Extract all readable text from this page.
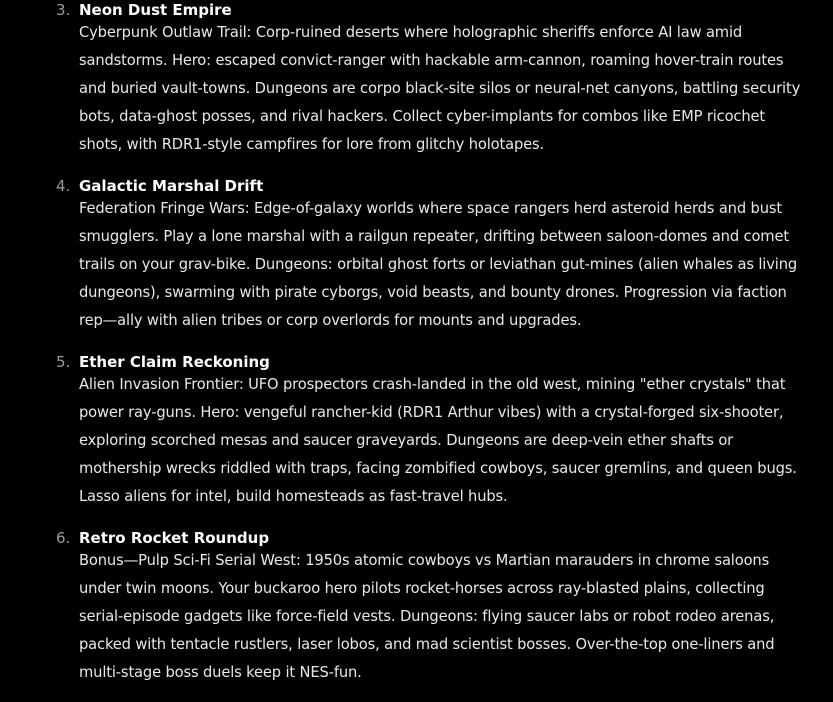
3. Neon Dust Empire
Cyberpunk Outlaw Trail: Corp-ruined deserts where holographic sheriffs enforce AI law amid
sandstorms. Hero: escaped convict-ranger with hackable arm-cannon, roaming hover-train routes
and buried vault-towns. Dungeons are corpo black-site silos or neural-net canyons, battling security
bots, data-ghost posses, and rival hackers. Collect cyber-implants for combos like EMP ricochet
shots, with RDR1-style campfires for lore from glitchy holotapes.
4. Galactic Marshal Drift
Federation Fringe Wars: Edge-of-galaxy worlds where space rangers herd asteroid herds and bust
smugglers. Play a lone marshal with a railgun repeater, drifting between saloon-domes and comet
trails on your grav-bike. Dungeons: orbital ghost forts or leviathan gut-mines (alien whales as living
dungeons), swarming with pirate cyborgs, void beasts, and bounty drones. Progression via faction
rep—ally with alien tribes or corp overlords for mounts and upgrades.
5. Ether Claim Reckoning
Alien Invasion Frontier: UFO prospectors crash-landed in the old west, mining "ether crystals" that
power ray-guns. Hero: vengeful rancher-kid (RDR1 Arthur vibes) with a crystal-forged six-shooter,
exploring scorched mesas and saucer graveyards. Dungeons are deep-vein ether shafts or
mothership wrecks riddled with traps, facing zombified cowboys, saucer gremlins, and queen bugs.
Lasso aliens for intel, build homesteads as fast-travel hubs.
6. Retro Rocket Roundup
Bonus—Pulp Sci-Fi Serial West: 1950s atomic cowboys vs Martian marauders in chrome saloons
under twin moons. Your buckaroo hero pilots rocket-horses across ray-blasted plains, collecting
serial-episode gadgets like force-field vests. Dungeons: flying saucer labs or robot rodeo arenas,
packed with tentacle rustlers, laser lobos, and mad scientist bosses. Over-the-top one-liners and
multi-stage boss duels keep it NES-fun.
